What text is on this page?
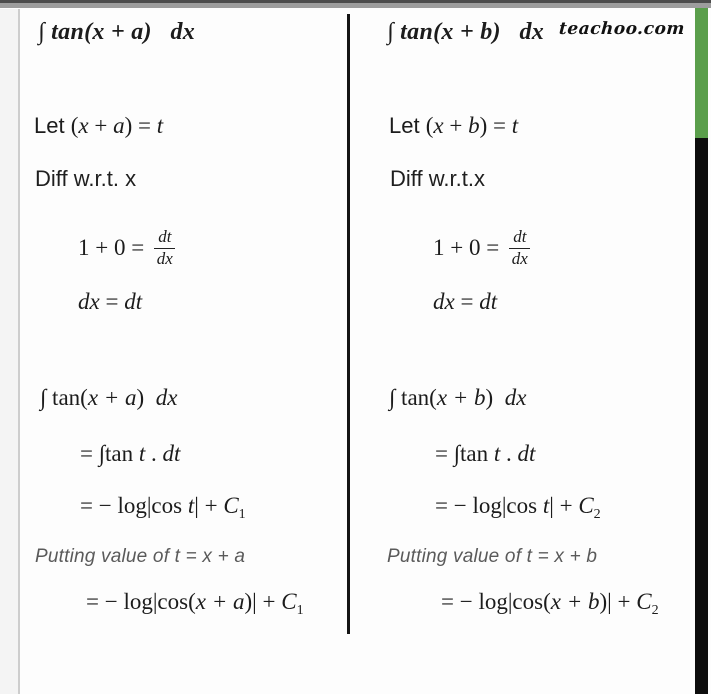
teachoo.com
∫ tan(x + a)  dx
Let (x + a) = t
Diff w.r.t. x
$1 + 0 = \frac{dt}{dx}$
dx = dt
∫ tan(x + a) dx
= ∫tan t . dt
= − log|cos $t| + C_1$
Putting value of t = x + a
= − $\log|\cos(x + a)| + C_1$
∫ tan(x + b)  dx
Let (x + b) = t
Diff w.r.t.x
$1 + 0 = \frac{dt}{dx}$
dx = dt
∫ tan(x + b) dx
= ∫tan t . dt
= − log|cos $t| + C_2$
Putting value of t = x + b
= − $\log|\cos(x + b)| + C_2$
